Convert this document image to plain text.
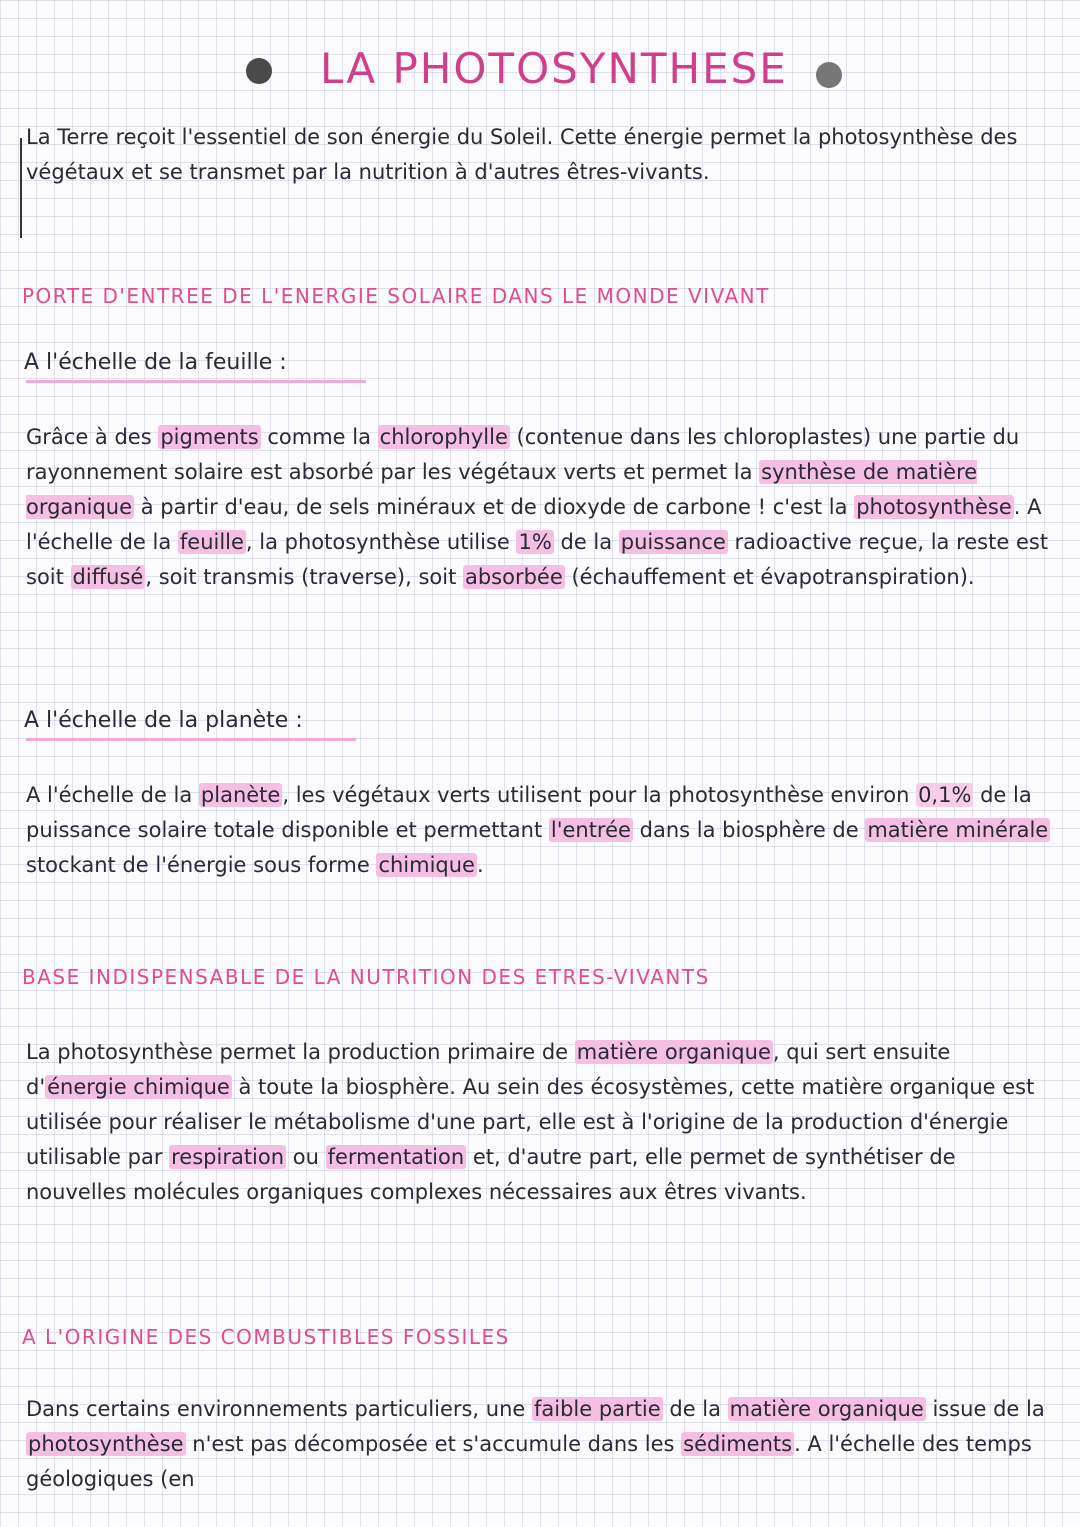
LA PHOTOSYNTHESE

La Terre reçoit l'essentiel de son énergie du Soleil. Cette énergie permet la photosynthèse des végétaux et se transmet par la nutrition à d'autres êtres-vivants.

PORTE D'ENTREE DE L'ENERGIE SOLAIRE DANS LE MONDE VIVANT
A l'échelle de la feuille :

Grâce à des pigments comme la chlorophylle (contenue dans les chloroplastes) une partie du rayonnement solaire est absorbé par les végétaux verts et permet la synthèse de matière organique à partir d'eau, de sels minéraux et de dioxyde de carbone ! c'est la photosynthèse. A l'échelle de la feuille, la photosynthèse utilise 1% de la puissance radioactive reçue, la reste est soit diffusé, soit transmis (traverse), soit absorbée (échauffement et évapotranspiration).

A l'échelle de la planète :

A l'échelle de la planète, les végétaux verts utilisent pour la photosynthèse environ 0,1% de la puissance solaire totale disponible et permettant l'entrée dans la biosphère de matière minérale stockant de l'énergie sous forme chimique.

BASE INDISPENSABLE DE LA NUTRITION DES ETRES-VIVANTS

La photosynthèse permet la production primaire de matière organique, qui sert ensuite d'énergie chimique à toute la biosphère. Au sein des écosystèmes, cette matière organique est utilisée pour réaliser le métabolisme d'une part, elle est à l'origine de la production d'énergie utilisable par respiration ou fermentation et, d'autre part, elle permet de synthétiser de nouvelles molécules organiques complexes nécessaires aux êtres vivants.

A L'ORIGINE DES COMBUSTIBLES FOSSILES

Dans certains environnements particuliers, une faible partie de la matière organique issue de la photosynthèse n'est pas décomposée et s'accumule dans les sédiments. A l'échelle des temps géologiques (en
